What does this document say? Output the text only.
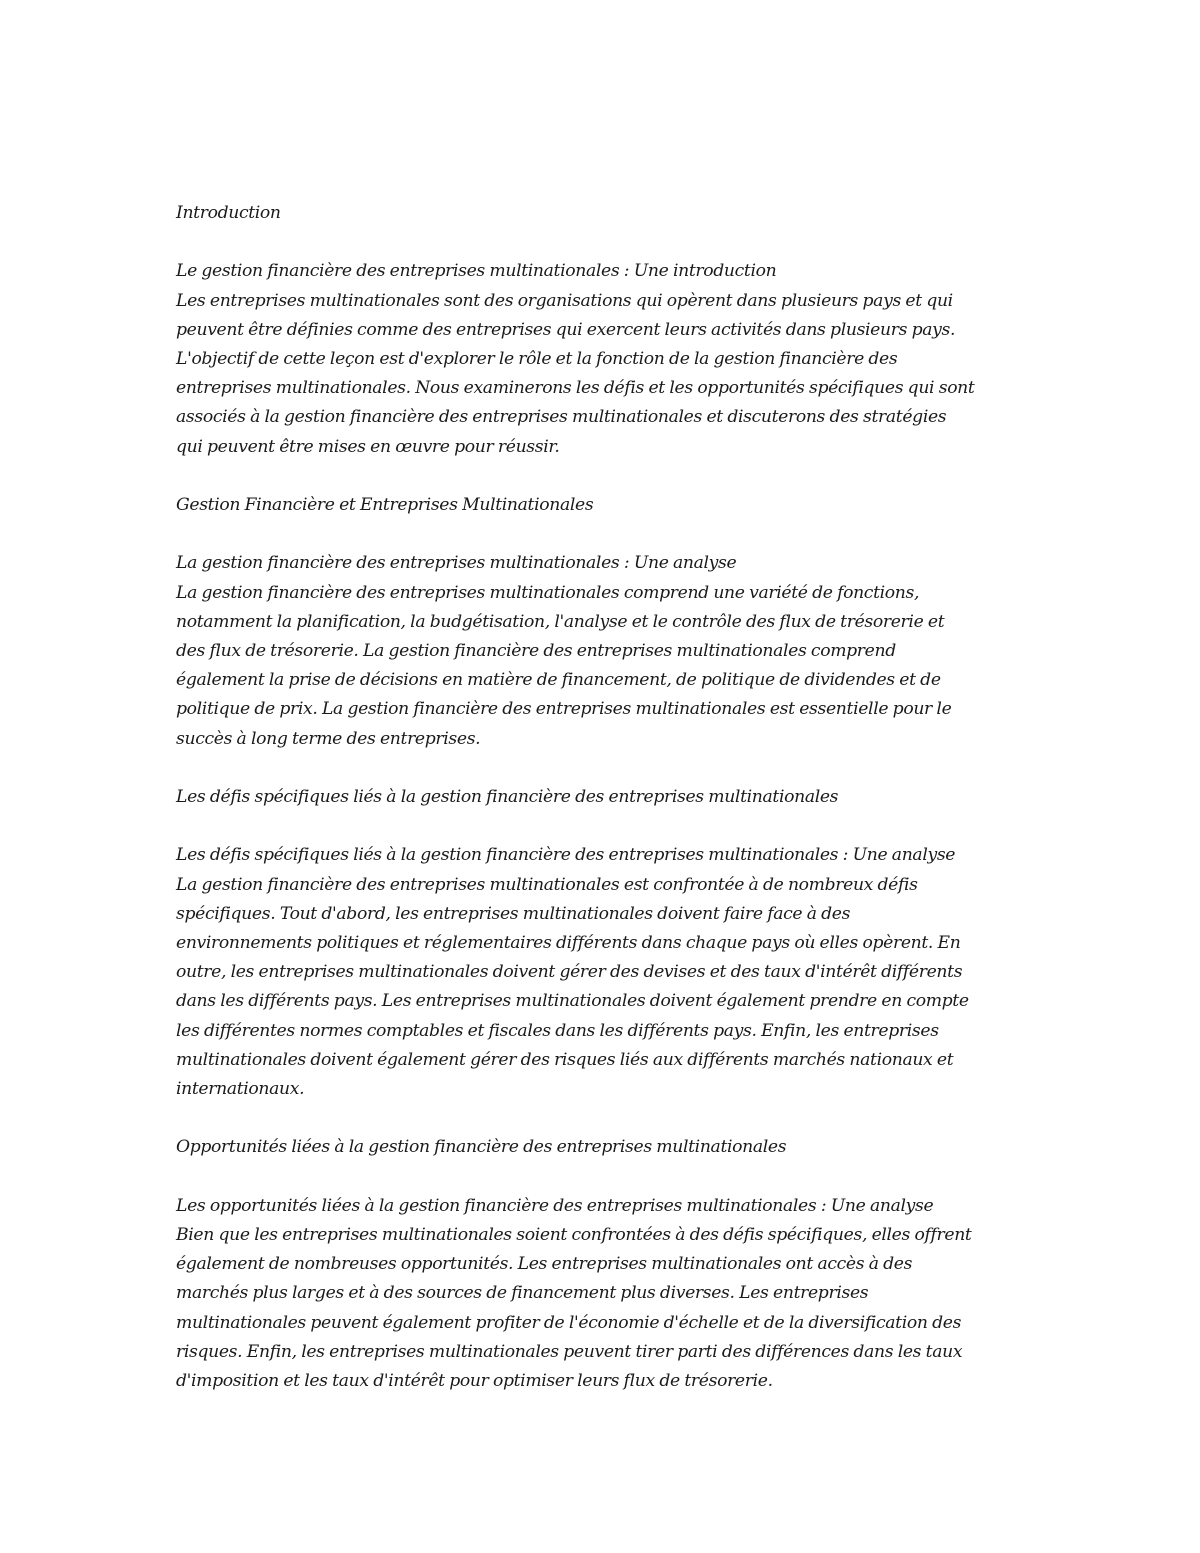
Introduction
Le gestion financière des entreprises multinationales : Une introduction
Les entreprises multinationales sont des organisations qui opèrent dans plusieurs pays et qui
peuvent être définies comme des entreprises qui exercent leurs activités dans plusieurs pays.
L'objectif de cette leçon est d'explorer le rôle et la fonction de la gestion financière des
entreprises multinationales. Nous examinerons les défis et les opportunités spécifiques qui sont
associés à la gestion financière des entreprises multinationales et discuterons des stratégies
qui peuvent être mises en œuvre pour réussir.
Gestion Financière et Entreprises Multinationales
La gestion financière des entreprises multinationales : Une analyse
La gestion financière des entreprises multinationales comprend une variété de fonctions,
notamment la planification, la budgétisation, l'analyse et le contrôle des flux de trésorerie et
des flux de trésorerie. La gestion financière des entreprises multinationales comprend
également la prise de décisions en matière de financement, de politique de dividendes et de
politique de prix. La gestion financière des entreprises multinationales est essentielle pour le
succès à long terme des entreprises.
Les défis spécifiques liés à la gestion financière des entreprises multinationales
Les défis spécifiques liés à la gestion financière des entreprises multinationales : Une analyse
La gestion financière des entreprises multinationales est confrontée à de nombreux défis
spécifiques. Tout d'abord, les entreprises multinationales doivent faire face à des
environnements politiques et réglementaires différents dans chaque pays où elles opèrent. En
outre, les entreprises multinationales doivent gérer des devises et des taux d'intérêt différents
dans les différents pays. Les entreprises multinationales doivent également prendre en compte
les différentes normes comptables et fiscales dans les différents pays. Enfin, les entreprises
multinationales doivent également gérer des risques liés aux différents marchés nationaux et
internationaux.
Opportunités liées à la gestion financière des entreprises multinationales
Les opportunités liées à la gestion financière des entreprises multinationales : Une analyse
Bien que les entreprises multinationales soient confrontées à des défis spécifiques, elles offrent
également de nombreuses opportunités. Les entreprises multinationales ont accès à des
marchés plus larges et à des sources de financement plus diverses. Les entreprises
multinationales peuvent également profiter de l'économie d'échelle et de la diversification des
risques. Enfin, les entreprises multinationales peuvent tirer parti des différences dans les taux
d'imposition et les taux d'intérêt pour optimiser leurs flux de trésorerie.
